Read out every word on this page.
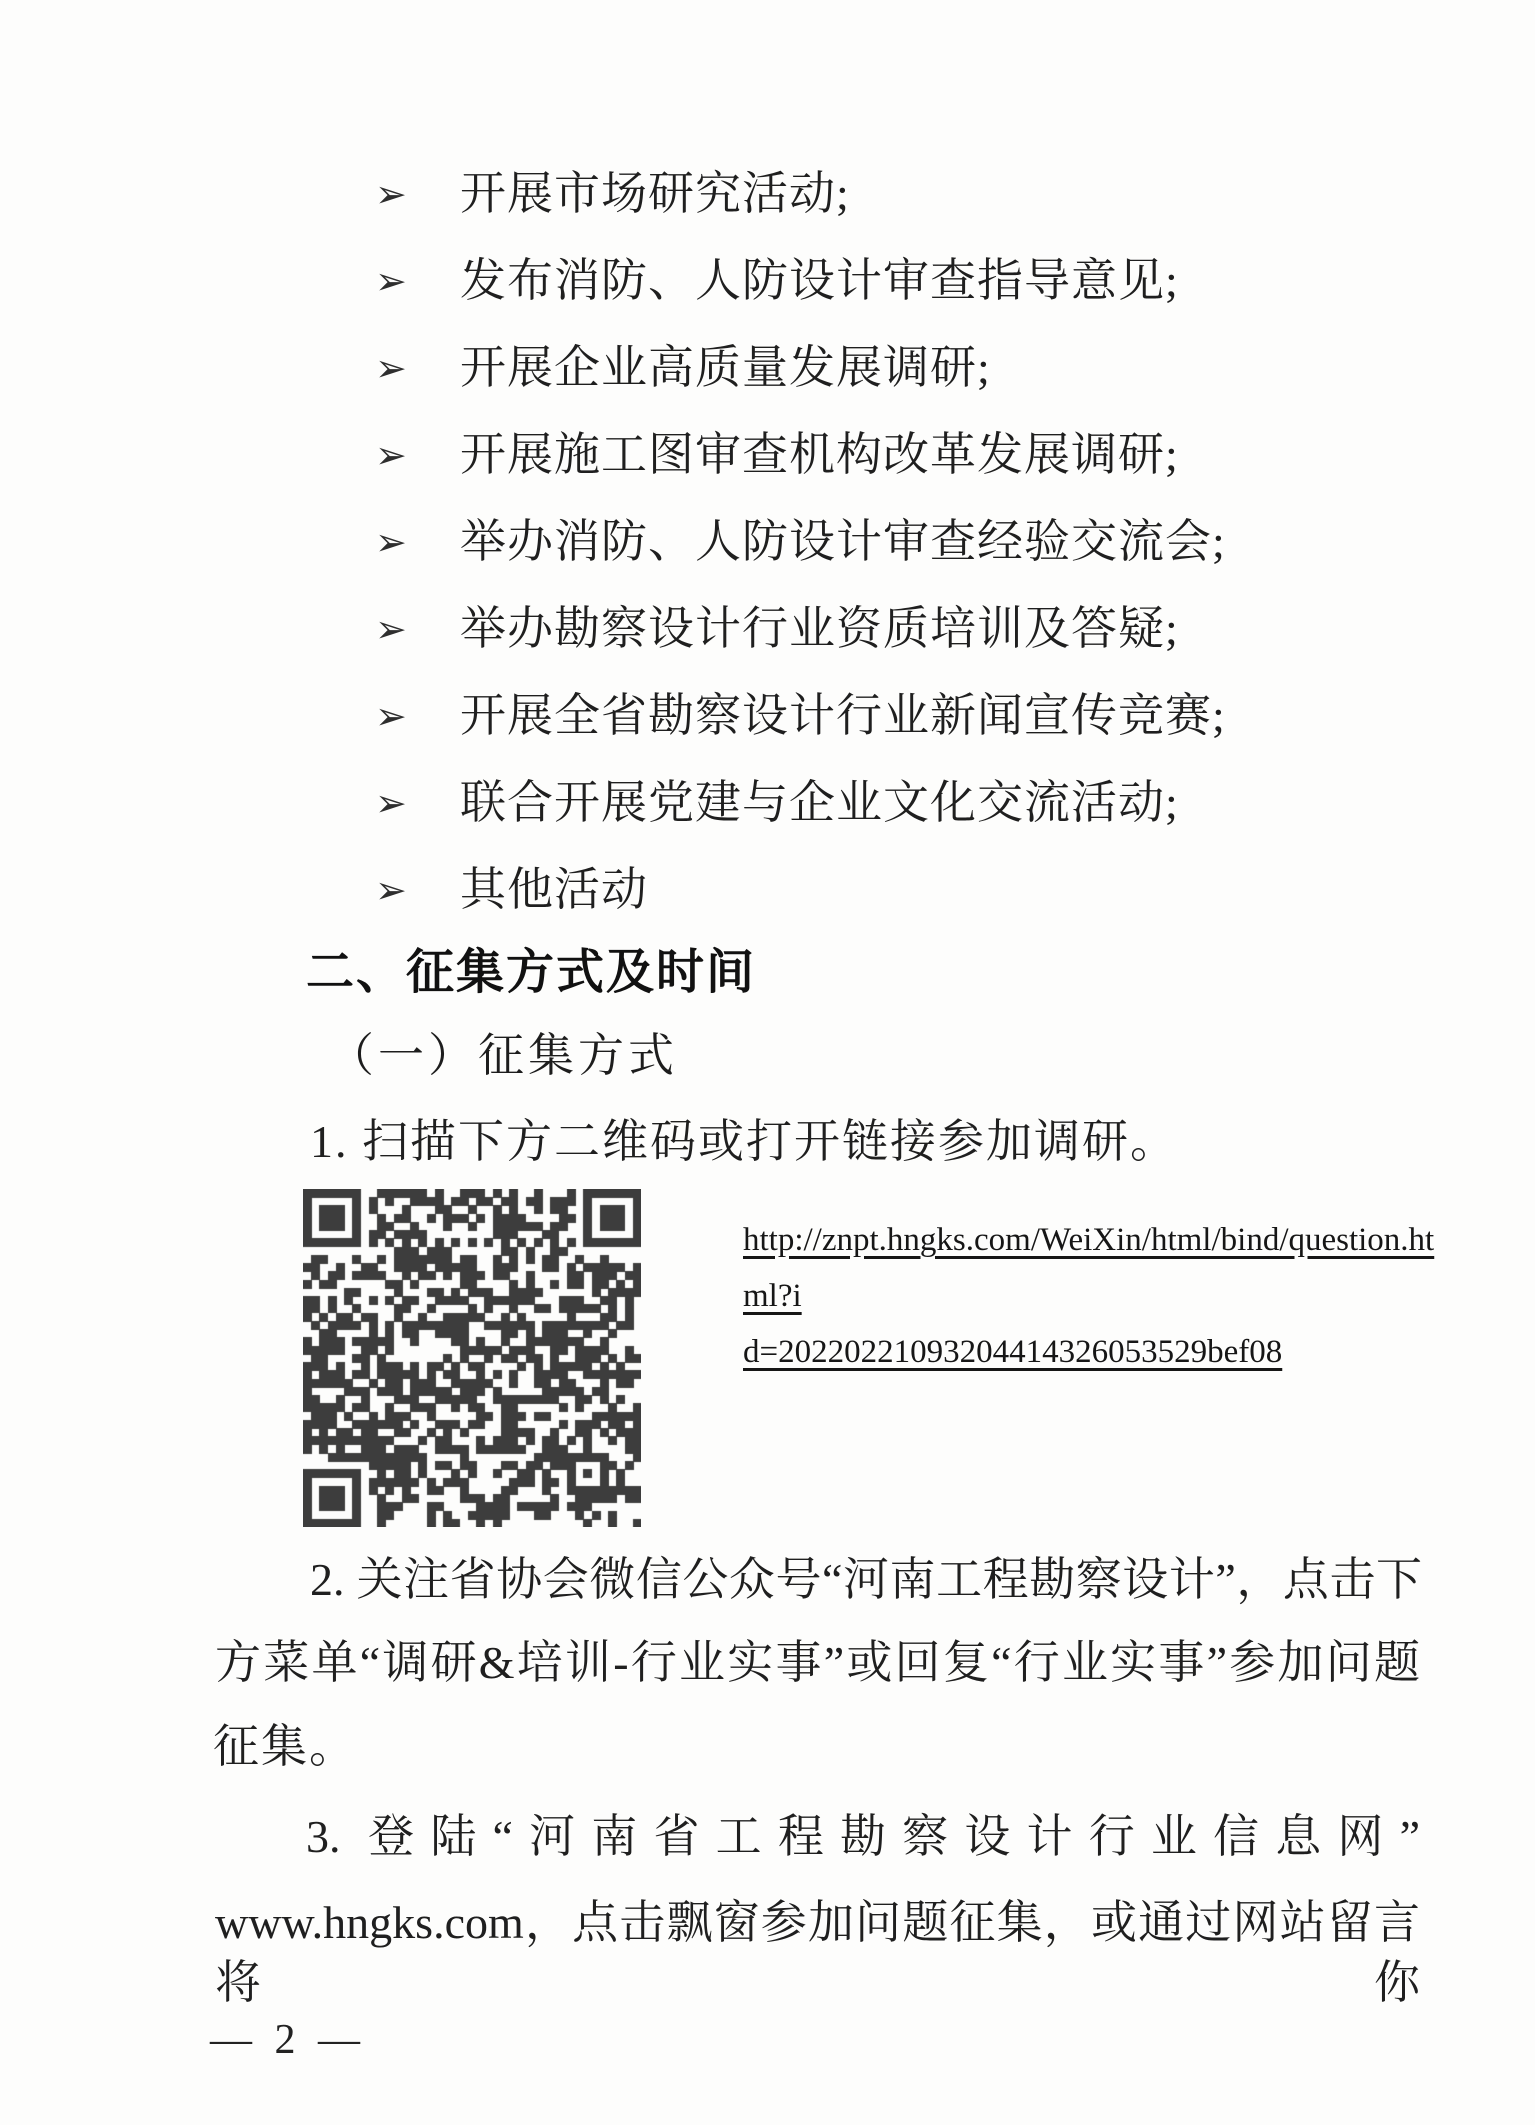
➢	开展市场研究活动;
➢	发布消防、人防设计审查指导意见;
➢	开展企业高质量发展调研;
➢	开展施工图审查机构改革发展调研;
➢	举办消防、人防设计审查经验交流会;
➢	举办勘察设计行业资质培训及答疑;
➢	开展全省勘察设计行业新闻宣传竞赛;
➢	联合开展党建与企业文化交流活动;
➢	其他活动
二、征集方式及时间
（一）征集方式
1. 扫描下方二维码或打开链接参加调研。
http://znpt.hngks.com/WeiXin/html/bind/question.html?i
d=20220221093204414326053529bef08
2. 关注省协会微信公众号“河南工程勘察设计”，点击下
方菜单“调研&培训-行业实事”或回复“行业实事”参加问题
征集。
3. 登陆“河南省工程勘察设计行业信息网”
www.hngks.com，点击飘窗参加问题征集，或通过网站留言将你
— 2 —
